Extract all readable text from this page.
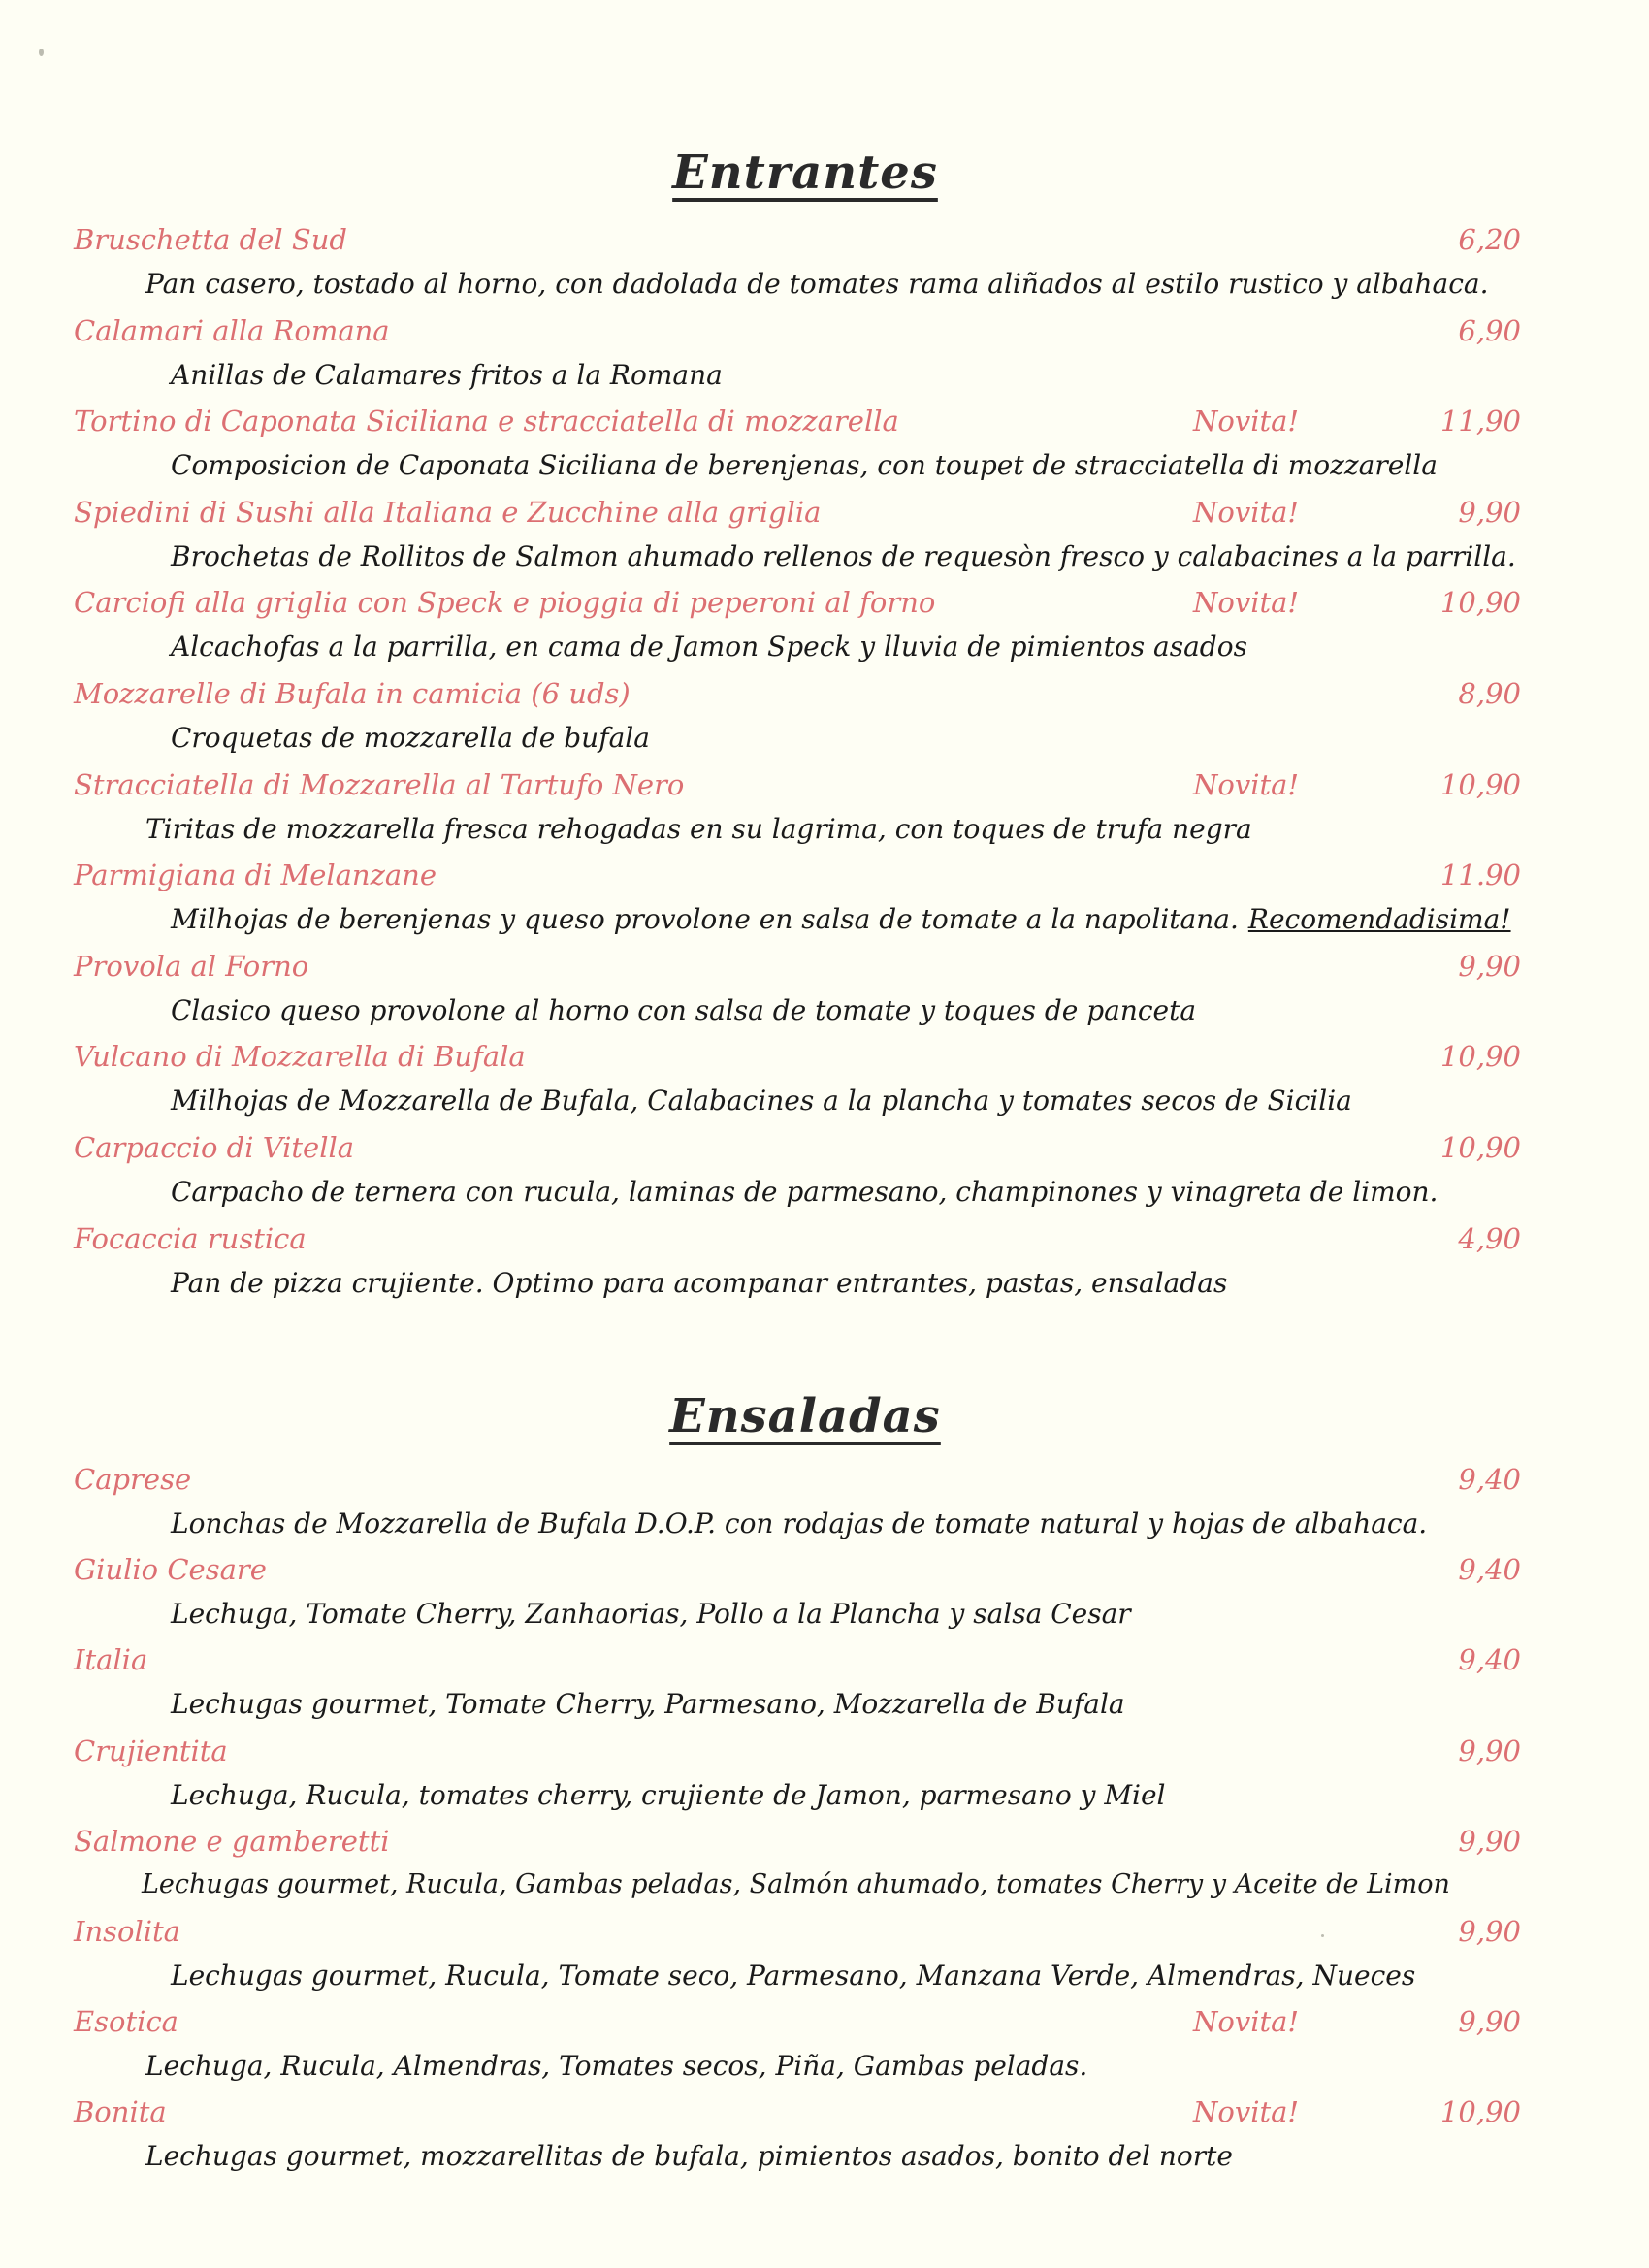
Entrantes
Bruschetta del Sud	6,20
Pan casero, tostado al horno, con dadolada de tomates rama aliñados al estilo rustico y albahaca.
Calamari alla Romana	6,90
Anillas de Calamares fritos a la Romana
Tortino di Caponata Siciliana e stracciatella di mozzarella	Novita!	11,90
Composicion de Caponata Siciliana de berenjenas, con toupet de stracciatella di mozzarella
Spiedini di Sushi alla Italiana e Zucchine alla griglia	Novita!	9,90
Brochetas de Rollitos de Salmon ahumado rellenos de requesòn fresco y calabacines a la parrilla.
Carciofi alla griglia con Speck e pioggia di peperoni al forno	Novita!	10,90
Alcachofas a la parrilla, en cama de Jamon Speck y lluvia de pimientos asados
Mozzarelle di Bufala in camicia (6 uds)	8,90
Croquetas de mozzarella de bufala
Stracciatella di Mozzarella al Tartufo Nero	Novita!	10,90
Tiritas de mozzarella fresca rehogadas en su lagrima, con toques de trufa negra
Parmigiana di Melanzane	11.90
Milhojas de berenjenas y queso provolone en salsa de tomate a la napolitana. Recomendadisima!
Provola al Forno	9,90
Clasico queso provolone al horno con salsa de tomate y toques de panceta
Vulcano di Mozzarella di Bufala	10,90
Milhojas de Mozzarella de Bufala, Calabacines a la plancha y tomates secos de Sicilia
Carpaccio di Vitella	10,90
Carpacho de ternera con rucula, laminas de parmesano, champinones y vinagreta de limon.
Focaccia rustica	4,90
Pan de pizza crujiente. Optimo para acompanar entrantes, pastas, ensaladas
Ensaladas
Caprese	9,40
Lonchas de Mozzarella de Bufala D.O.P. con rodajas de tomate natural y hojas de albahaca.
Giulio Cesare	9,40
Lechuga, Tomate Cherry, Zanhaorias, Pollo a la Plancha y salsa Cesar
Italia	9,40
Lechugas gourmet, Tomate Cherry, Parmesano, Mozzarella de Bufala
Crujientita	9,90
Lechuga, Rucula, tomates cherry, crujiente de Jamon, parmesano y Miel
Salmone e gamberetti	9,90
Lechugas gourmet, Rucula, Gambas peladas, Salmón ahumado, tomates Cherry y Aceite de Limon
Insolita	9,90
Lechugas gourmet, Rucula, Tomate seco, Parmesano, Manzana Verde, Almendras, Nueces
Esotica	Novita!	9,90
Lechuga, Rucula, Almendras, Tomates secos, Piña, Gambas peladas.
Bonita	Novita!	10,90
Lechugas gourmet, mozzarellitas de bufala, pimientos asados, bonito del norte
